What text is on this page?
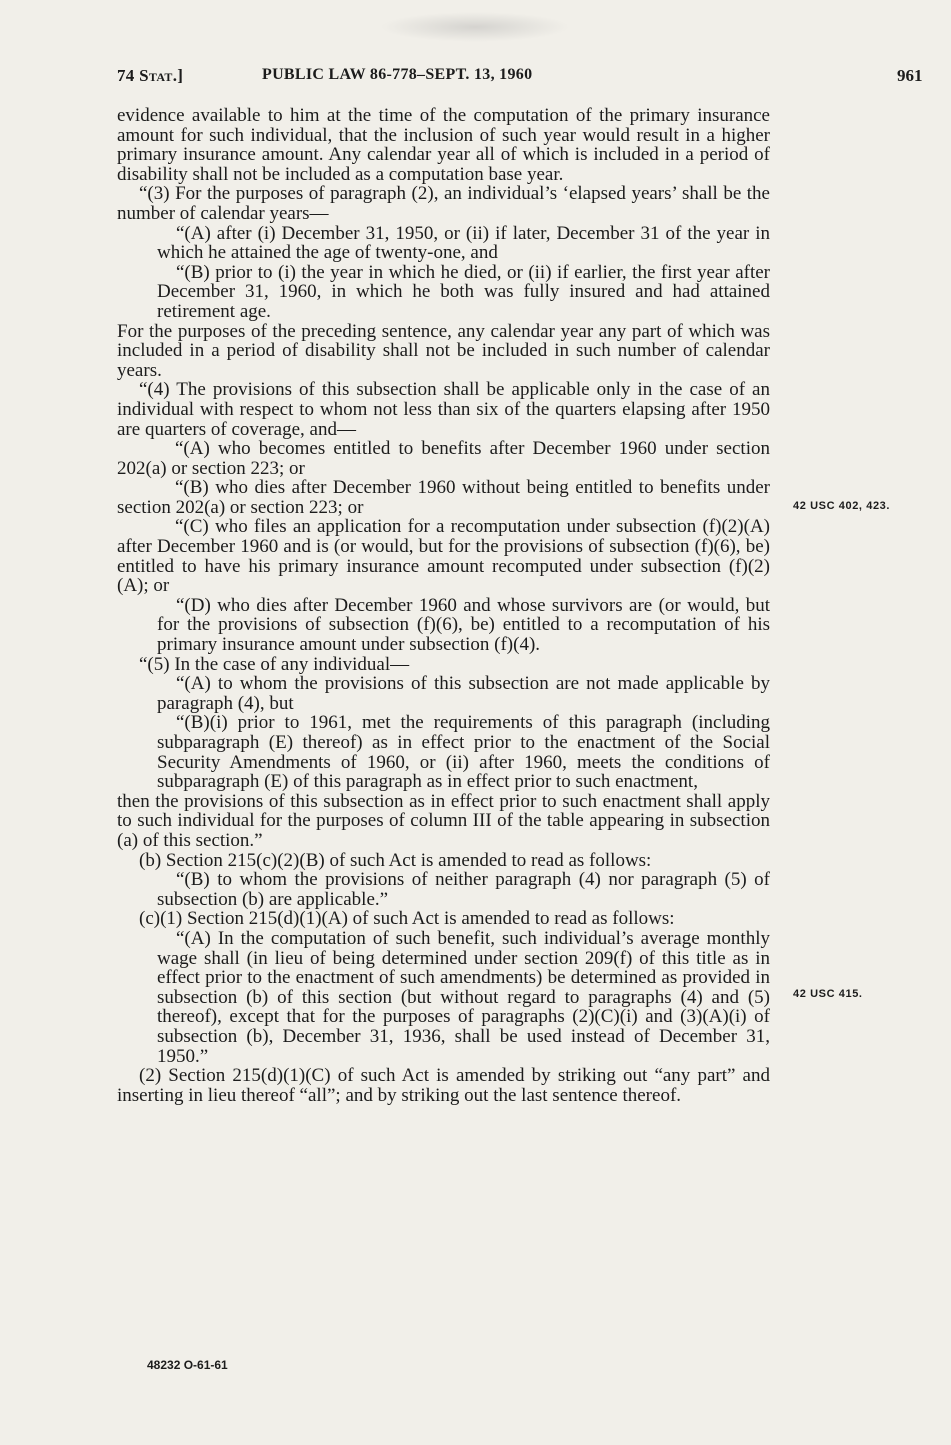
74 Stat.]	PUBLIC LAW 86-778–SEPT. 13, 1960	961

evidence available to him at the time of the computation of the primary insurance amount for such individual, that the inclusion of such year would result in a higher primary insurance amount. Any calendar year all of which is included in a period of disability shall not be included as a computation base year.

“(3) For the purposes of paragraph (2), an individual’s ‘elapsed years’ shall be the number of calendar years—

“(A) after (i) December 31, 1950, or (ii) if later, December 31 of the year in which he attained the age of twenty-one, and

“(B) prior to (i) the year in which he died, or (ii) if earlier, the first year after December 31, 1960, in which he both was fully insured and had attained retirement age.

For the purposes of the preceding sentence, any calendar year any part of which was included in a period of disability shall not be included in such number of calendar years.

“(4) The provisions of this subsection shall be applicable only in the case of an individual with respect to whom not less than six of the quarters elapsing after 1950 are quarters of coverage, and—

“(A) who becomes entitled to benefits after December 1960 under section 202(a) or section 223; or

“(B) who dies after December 1960 without being entitled to benefits under section 202(a) or section 223; or

“(C) who files an application for a recomputation under subsection (f)(2)(A) after December 1960 and is (or would, but for the provisions of subsection (f)(6), be) entitled to have his primary insurance amount recomputed under subsection (f)(2)(A); or

“(D) who dies after December 1960 and whose survivors are (or would, but for the provisions of subsection (f)(6), be) entitled to a recomputation of his primary insurance amount under subsection (f)(4).

“(5) In the case of any individual—

“(A) to whom the provisions of this subsection are not made applicable by paragraph (4), but

“(B)(i) prior to 1961, met the requirements of this paragraph (including subparagraph (E) thereof) as in effect prior to the enactment of the Social Security Amendments of 1960, or (ii) after 1960, meets the conditions of subparagraph (E) of this paragraph as in effect prior to such enactment,

then the provisions of this subsection as in effect prior to such enactment shall apply to such individual for the purposes of column III of the table appearing in subsection (a) of this section.”

(b) Section 215(c)(2)(B) of such Act is amended to read as follows:

“(B) to whom the provisions of neither paragraph (4) nor paragraph (5) of subsection (b) are applicable.”

(c)(1) Section 215(d)(1)(A) of such Act is amended to read as follows:

“(A) In the computation of such benefit, such individual’s average monthly wage shall (in lieu of being determined under section 209(f) of this title as in effect prior to the enactment of such amendments) be determined as provided in subsection (b) of this section (but without regard to paragraphs (4) and (5) thereof), except that for the purposes of paragraphs (2)(C)(i) and (3)(A)(i) of subsection (b), December 31, 1936, shall be used instead of December 31, 1950.”

(2) Section 215(d)(1)(C) of such Act is amended by striking out “any part” and inserting in lieu thereof “all”; and by striking out the last sentence thereof.

42 USC 402, 423.
42 USC 415.
48232 O-61-61
